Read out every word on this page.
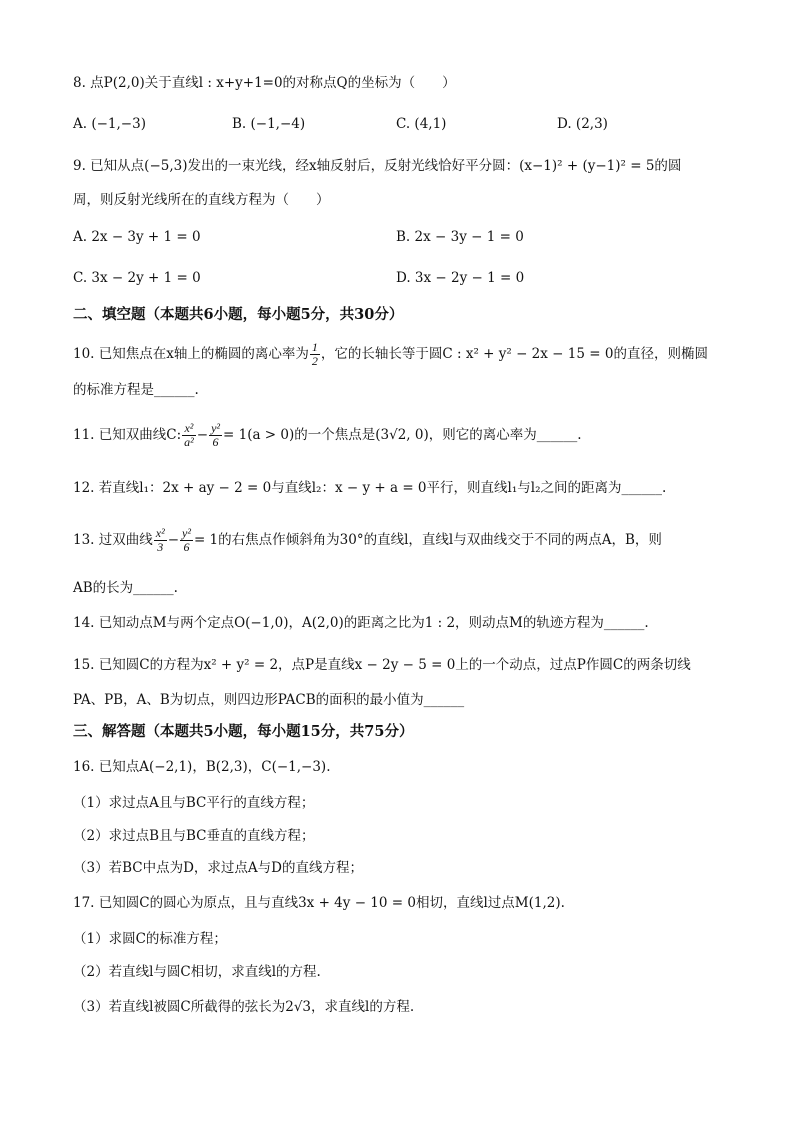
8. 点P(2,0)关于直线l : x+y+1=0的对称点Q的坐标为（　　）
A. (−1,−3)	B. (−1,−4)	C. (4,1)	D. (2,3)
9. 已知从点(−5,3)发出的一束光线，经x轴反射后，反射光线恰好平分圆：(x−1)² + (y−1)² = 5的圆
周，则反射光线所在的直线方程为（　　）
A. 2x − 3y + 1 = 0	B. 2x − 3y − 1 = 0
C. 3x − 2y + 1 = 0	D. 3x − 2y − 1 = 0
二、填空题（本题共6小题，每小题5分，共30分）
10. 已知焦点在x轴上的椭圆的离心率为 $\frac{1}{2}$ ，它的长轴长等于圆C : x² + y² − 2x − 15 = 0的直径，则椭圆
的标准方程是______.
11. 已知双曲线C: $\frac{\text{x²}}{\text{a²}} - \frac{\text{y²}}{6} = 1(a > 0)$的一个焦点是(3√2, 0)，则它的离心率为______.
12. 若直线l₁：2x + ay − 2 = 0与直线l₂：x − y + a = 0平行，则直线l₁与l₂之间的距离为______.
13. 过双曲线 $\frac{\text{x²}}{3} - \frac{\text{y²}}{6} = 1$的右焦点作倾斜角为30°的直线l，直线l与双曲线交于不同的两点A，B，则
AB的长为______.
14. 已知动点M与两个定点O(−1,0)，A(2,0)的距离之比为1 : 2，则动点M的轨迹方程为______.
15. 已知圆C的方程为x² + y² = 2，点P是直线x − 2y − 5 = 0上的一个动点，过点P作圆C的两条切线
PA、PB，A、B为切点，则四边形PACB的面积的最小值为______
三、解答题（本题共5小题，每小题15分，共75分）
16. 已知点A(−2,1)，B(2,3)，C(−1,−3).
（1）求过点A且与BC平行的直线方程；
（2）求过点B且与BC垂直的直线方程；
（3）若BC中点为D，求过点A与D的直线方程；
17. 已知圆C的圆心为原点，且与直线3x + 4y − 10 = 0相切，直线l过点M(1,2).
（1）求圆C的标准方程；
（2）若直线l与圆C相切，求直线l的方程.
（3）若直线l被圆C所截得的弦长为2√3，求直线l的方程.
